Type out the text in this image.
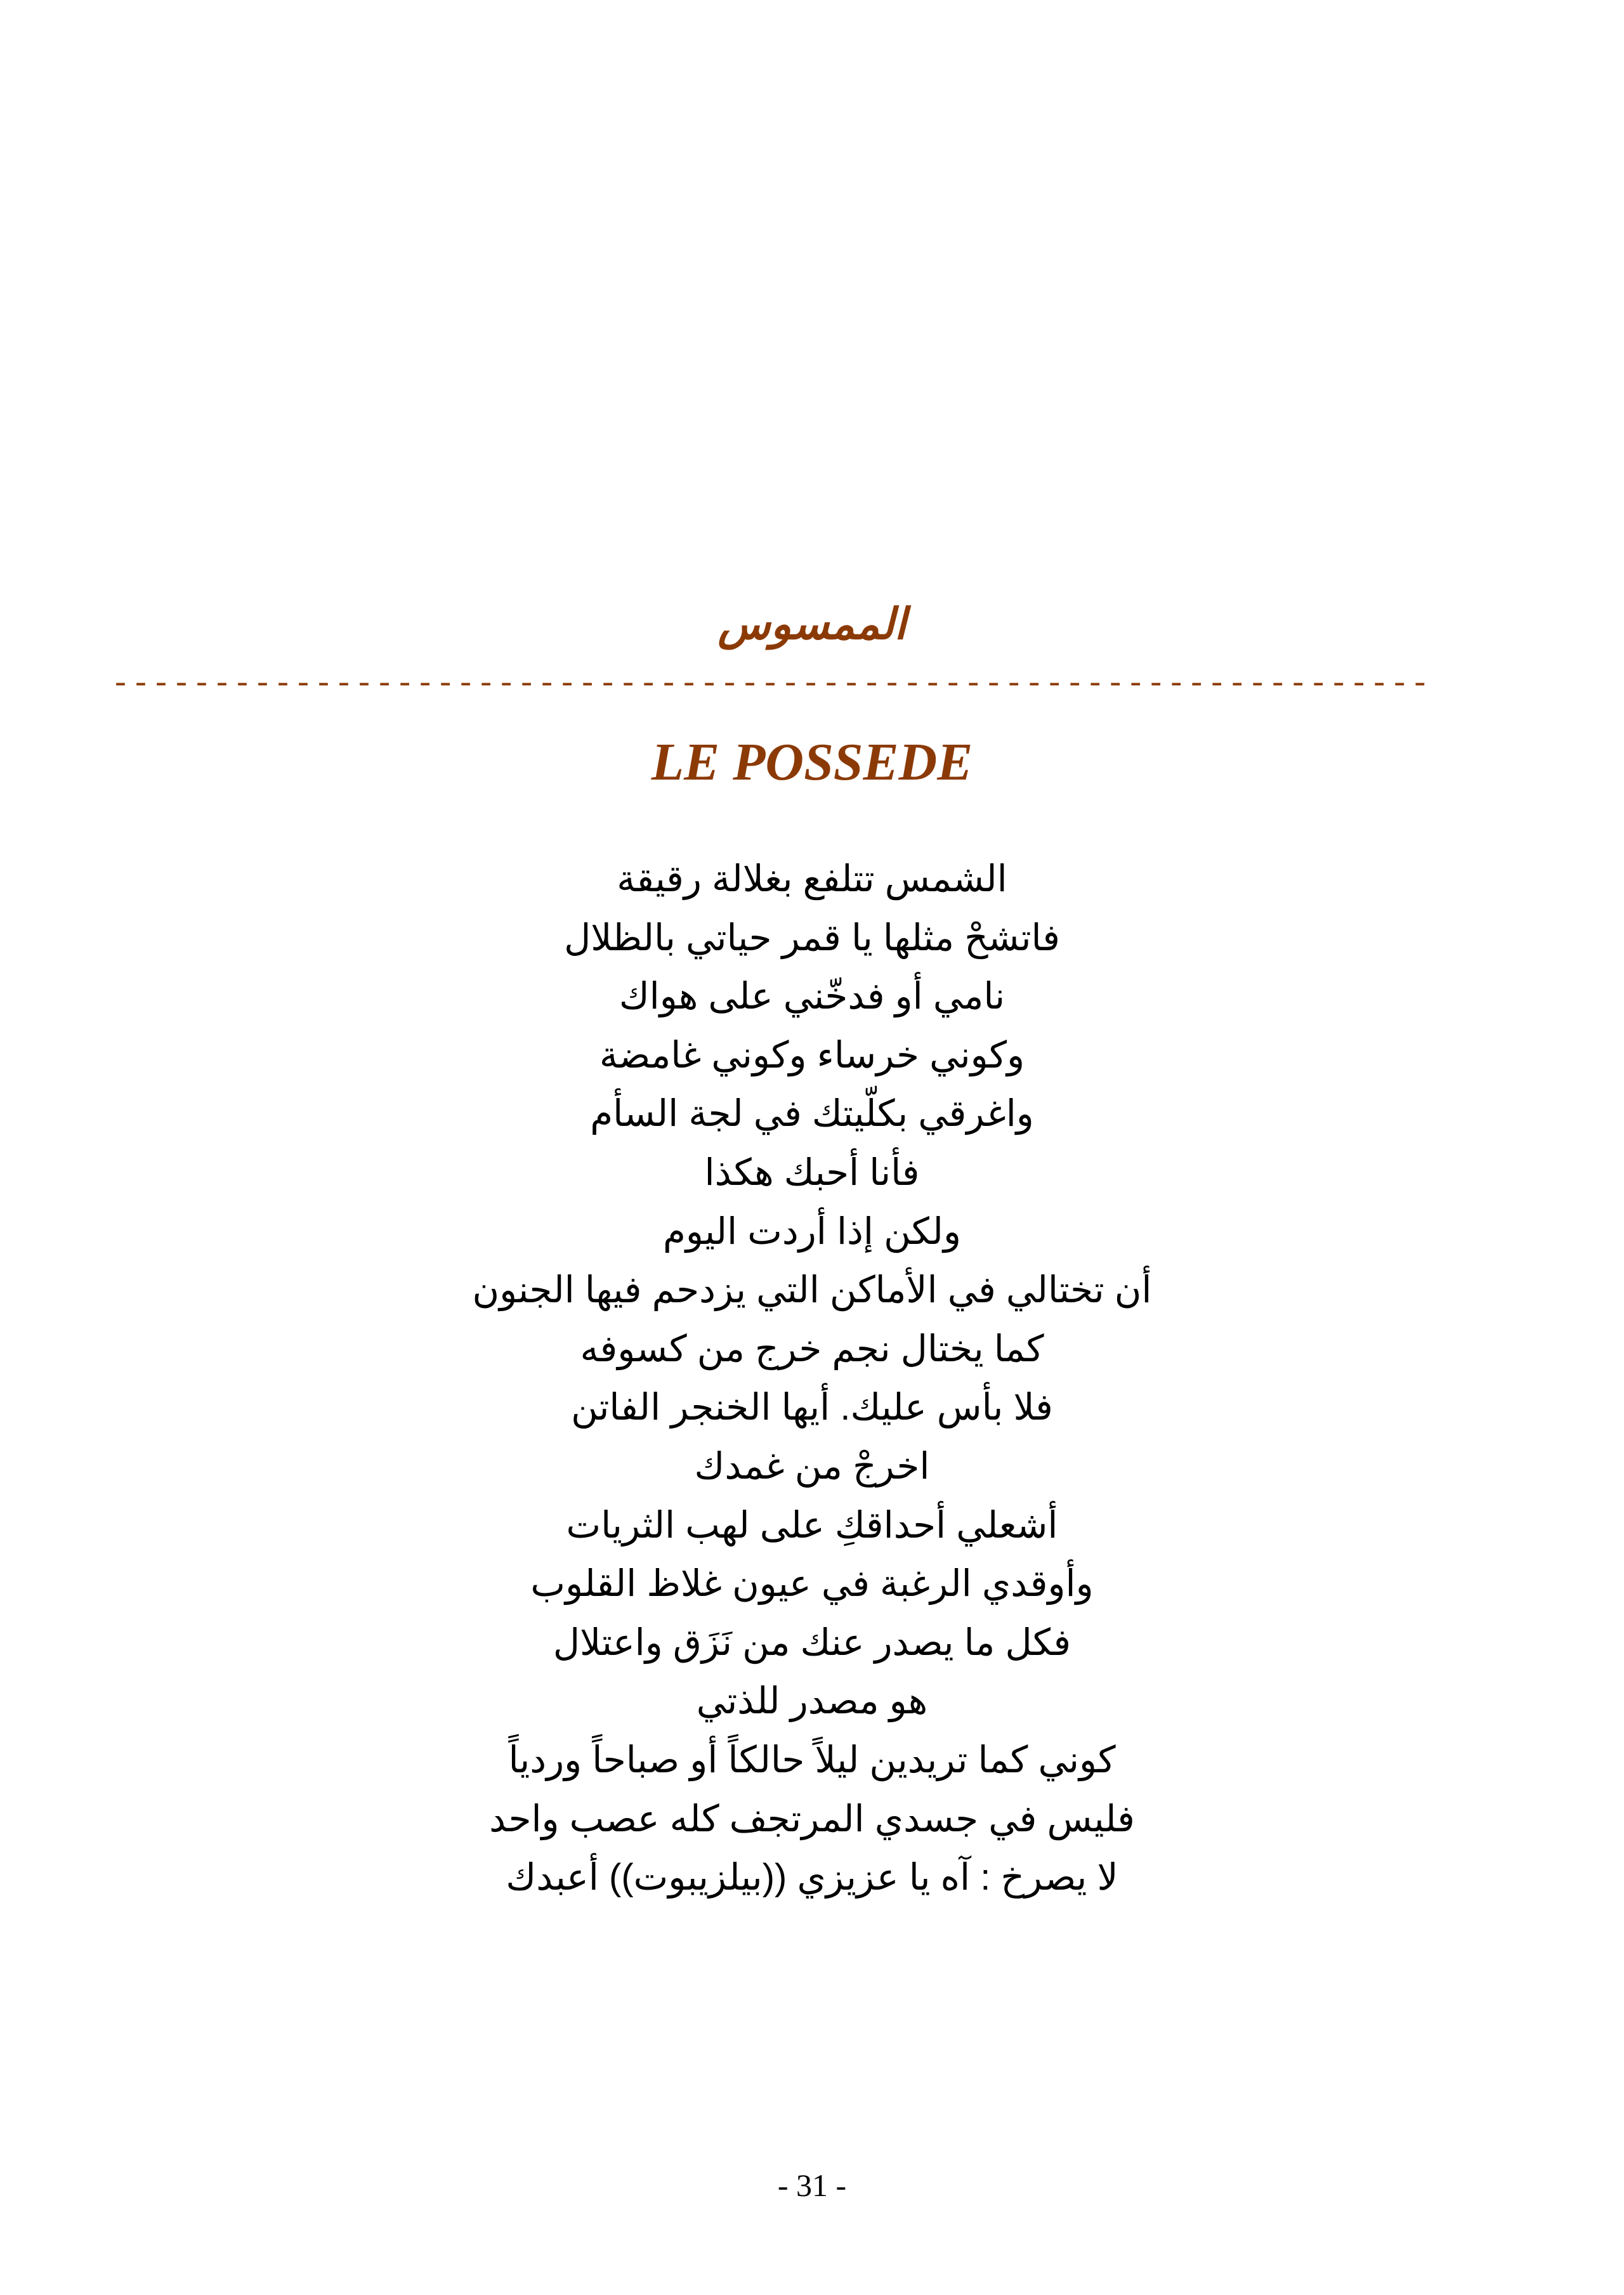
الممسوس
-----------------------------------------------------------------
LE POSSEDE
الشمس تتلفع بغلالة رقيقة
فاتشحْ مثلها يا قمر حياتي بالظلال
نامي أو فدخّني على هواك
وكوني خرساء وكوني غامضة
واغرقي بكلّيتك في لجة السأم
فأنا أحبك هكذا
ولكن إذا أردت اليوم
أن تختالي في الأماكن التي يزدحم فيها الجنون
كما يختال نجم خرج من كسوفه
فلا بأس عليك. أيها الخنجر الفاتن
اخرجْ من غمدك
أشعلي أحداقكِ على لهب الثريات
وأوقدي الرغبة في عيون غلاظ القلوب
فكل ما يصدر عنك من نَزَق واعتلال
هو مصدر للذتي
كوني كما تريدين ليلاً حالكاً أو صباحاً وردياً
فليس في جسدي المرتجف كله عصب واحد
لا يصرخ : آه يا عزيزي ((بيلزيبوت)) أعبدك
- 31 -
